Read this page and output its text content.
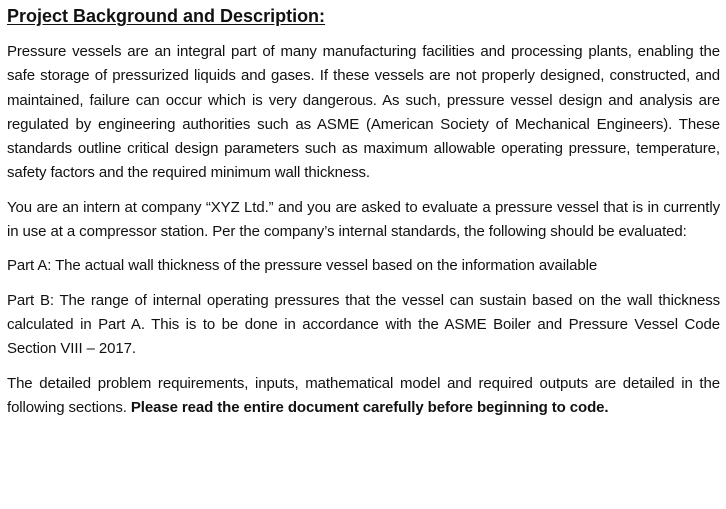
Project Background and Description:

Pressure vessels are an integral part of many manufacturing facilities and processing plants, enabling the safe storage of pressurized liquids and gases. If these vessels are not properly designed, constructed, and maintained, failure can occur which is very dangerous. As such, pressure vessel design and analysis are regulated by engineering authorities such as ASME (American Society of Mechanical Engineers). These standards outline critical design parameters such as maximum allowable operating pressure, temperature, safety factors and the required minimum wall thickness.

You are an intern at company “XYZ Ltd.” and you are asked to evaluate a pressure vessel that is in currently in use at a compressor station. Per the company’s internal standards, the following should be evaluated:

Part A: The actual wall thickness of the pressure vessel based on the information available

Part B: The range of internal operating pressures that the vessel can sustain based on the wall thickness calculated in Part A. This is to be done in accordance with the ASME Boiler and Pressure Vessel Code Section VIII – 2017.

The detailed problem requirements, inputs, mathematical model and required outputs are detailed in the following sections. Please read the entire document carefully before beginning to code.
